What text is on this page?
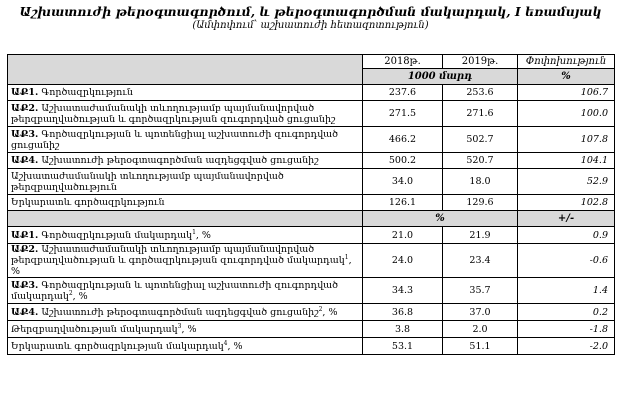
Աշխատուժի թերօգտագործում, և թերօգտագործման մակարդակ, I եռամսյակ
(Ամփոփում՝ աշխատուժի հետազոտություն)
	2018թ.	2019թ.	Փոփոխություն
	1000 մարդ		%
ԱՔ1. Գործազրկություն	237.6	253.6	106.7
ԱՔ2. Աշխատաժամանակի տևողությամբ պայմանավորված
թերզբաղվածության և գործազրկության զուգորդված ցուցանիշ	271.5	271.6	100.0
ԱՔ3. Գործազրկության և պոտենցիալ աշխատուժի զուգորդված
ցուցանիշ	466.2	502.7	107.8
ԱՔ4. Աշխատուժի թերօգտագործման ազդեցգված ցուցանիշ	500.2	520.7	104.1
Աշխատաժամանակի տևողությամբ պայմանավորված
թերզբաղվածություն	34.0	18.0	52.9
Երկարատև գործազրկություն	126.1	129.6	102.8
	%		+/-
ԱՔ1. Գործազրկության մակարդակ$^1$, %	21.0	21.9	0.9
ԱՔ2. Աշխատաժամանակի տևողությամբ պայմանավորված
թերզբաղվածության և գործազրկության զուգորդված մակարդակ$^1$, %	24.0	23.4	-0.6
ԱՔ3. Գործազրկության և պոտենցիալ աշխատուժի զուգորդված
մակարդակ$^2$, %	34.3	35.7	1.4
ԱՔ4. Աշխատուժի թերօգտագործման ազդեցգված ցուցանիշ$^2$, %	36.8	37.0	0.2
Թերզբաղվածության մակարդակ$^3$, %	3.8	2.0	-1.8
Երկարատև գործազրկության մակարդակ$^4$, %	53.1	51.1	-2.0
